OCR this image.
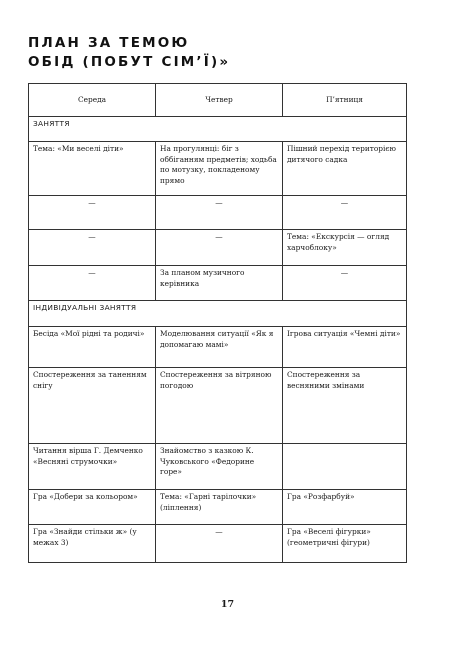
ПЛАН ЗА ТЕМОЮ
ОБІД (ПОБУТ СІМ’Ї)»
Середа	Четвер	П’ятниця
ЗАНЯТТЯ		
Тема: «Ми веселі діти»	На прогулянці: біг з оббіганням предметів; ходьба по мотузку, покладеному прямо	Пішний перехід територією дитячого садка
—	—	—
—	—	Тема: «Екскурсія — огляд харчоблоку»
—	За планом музичного керівника	—
ІНДИВІДУАЛЬНІ ЗАНЯТТЯ		
Бесіда «Мої рідні та родичі»	Моделювання ситуації «Як я допомагаю мамі»	Ігрова ситуація «Чемні діти»
Спостереження за таненням снігу	Спостереження за вітряною погодою	Спостереження за весняними змінами
Читання вірша Г. Демченко «Весняні струмочки»	Знайомство з казкою К. Чуковського «Федорине горе»	
Гра «Добери за кольором»	Тема: «Гарні тарілочки» (ліплення)	Гра «Розфарбуй»
Гра «Знайди стільки ж» (у межах 3)	—	Гра «Веселі фігурки» (геометричні фігури)
17
